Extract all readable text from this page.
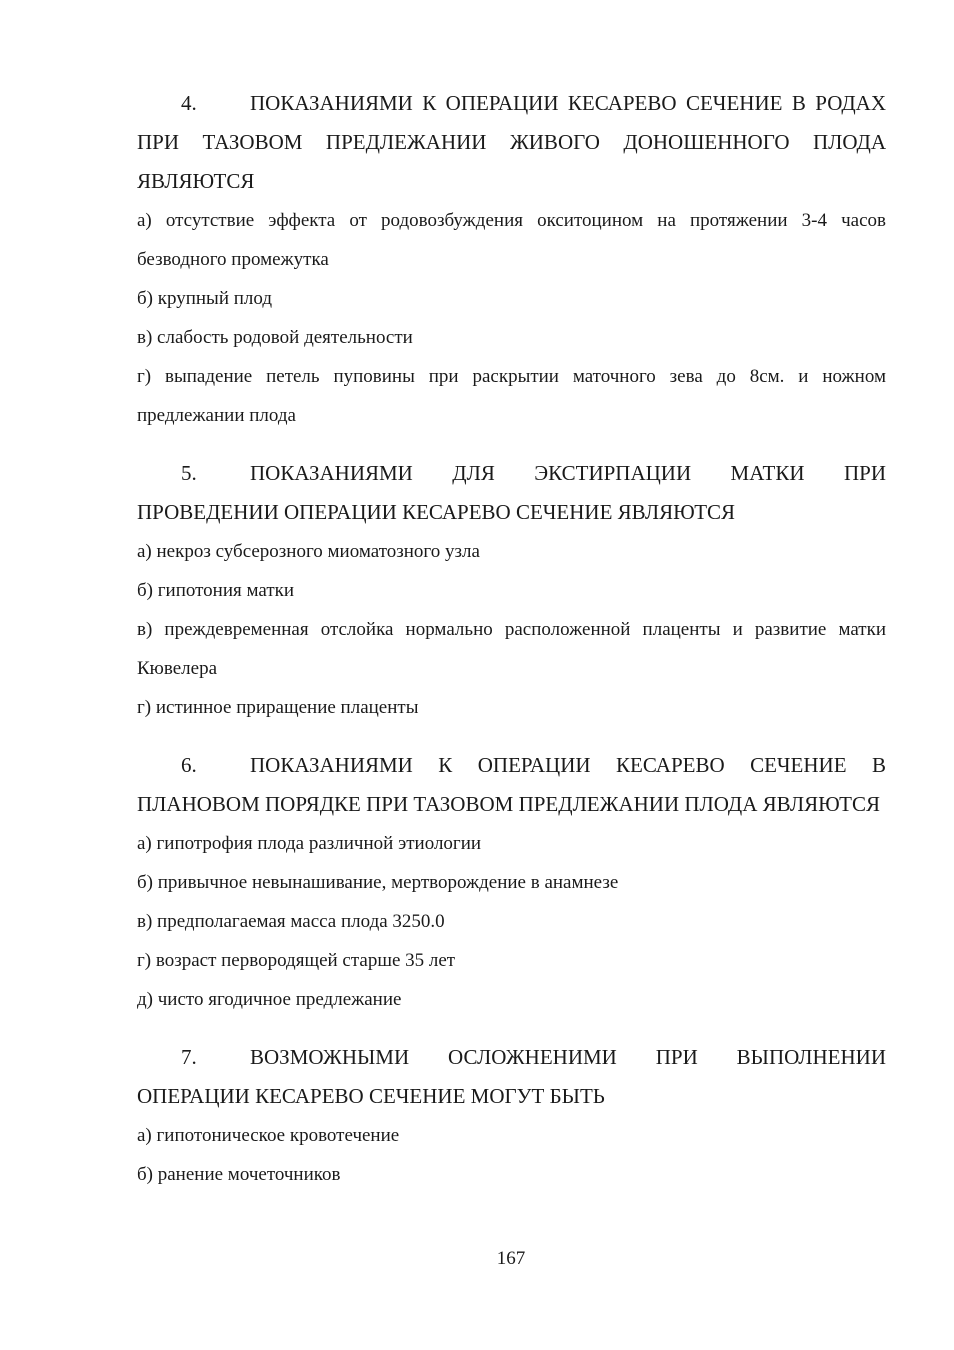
4.	ПОКАЗАНИЯМИ К ОПЕРАЦИИ КЕСАРЕВО СЕЧЕНИЕ В РОДАХ ПРИ ТАЗОВОМ ПРЕДЛЕЖАНИИ ЖИВОГО ДОНОШЕННОГО ПЛОДА ЯВЛЯЮТСЯ

а) отсутствие эффекта от родовозбуждения окситоцином на протяжении 3-4 часов безводного промежутка

б) крупный плод

в) слабость родовой деятельности

г) выпадение петель пуповины при раскрытии маточного зева до 8см. и ножном предлежании плода

5.	ПОКАЗАНИЯМИ ДЛЯ ЭКСТИРПАЦИИ МАТКИ ПРИ ПРОВЕДЕНИИ ОПЕРАЦИИ КЕСАРЕВО СЕЧЕНИЕ ЯВЛЯЮТСЯ

а) некроз субсерозного миоматозного узла

б) гипотония матки

в) преждевременная отслойка нормально расположенной плаценты и развитие матки Кювелера

г) истинное приращение плаценты

6.	ПОКАЗАНИЯМИ К ОПЕРАЦИИ КЕСАРЕВО СЕЧЕНИЕ В ПЛАНОВОМ ПОРЯДКЕ ПРИ ТАЗОВОМ ПРЕДЛЕЖАНИИ ПЛОДА ЯВЛЯЮТСЯ

а) гипотрофия плода различной этиологии

б) привычное невынашивание, мертворождение в анамнезе

в) предполагаемая масса плода 3250.0

г) возраст первородящей старше 35 лет

д) чисто ягодичное предлежание

7.	ВОЗМОЖНЫМИ ОСЛОЖНЕНИМИ ПРИ ВЫПОЛНЕНИИ ОПЕРАЦИИ КЕСАРЕВО СЕЧЕНИЕ МОГУТ БЫТЬ

а) гипотоническое кровотечение

б) ранение мочеточников

167
